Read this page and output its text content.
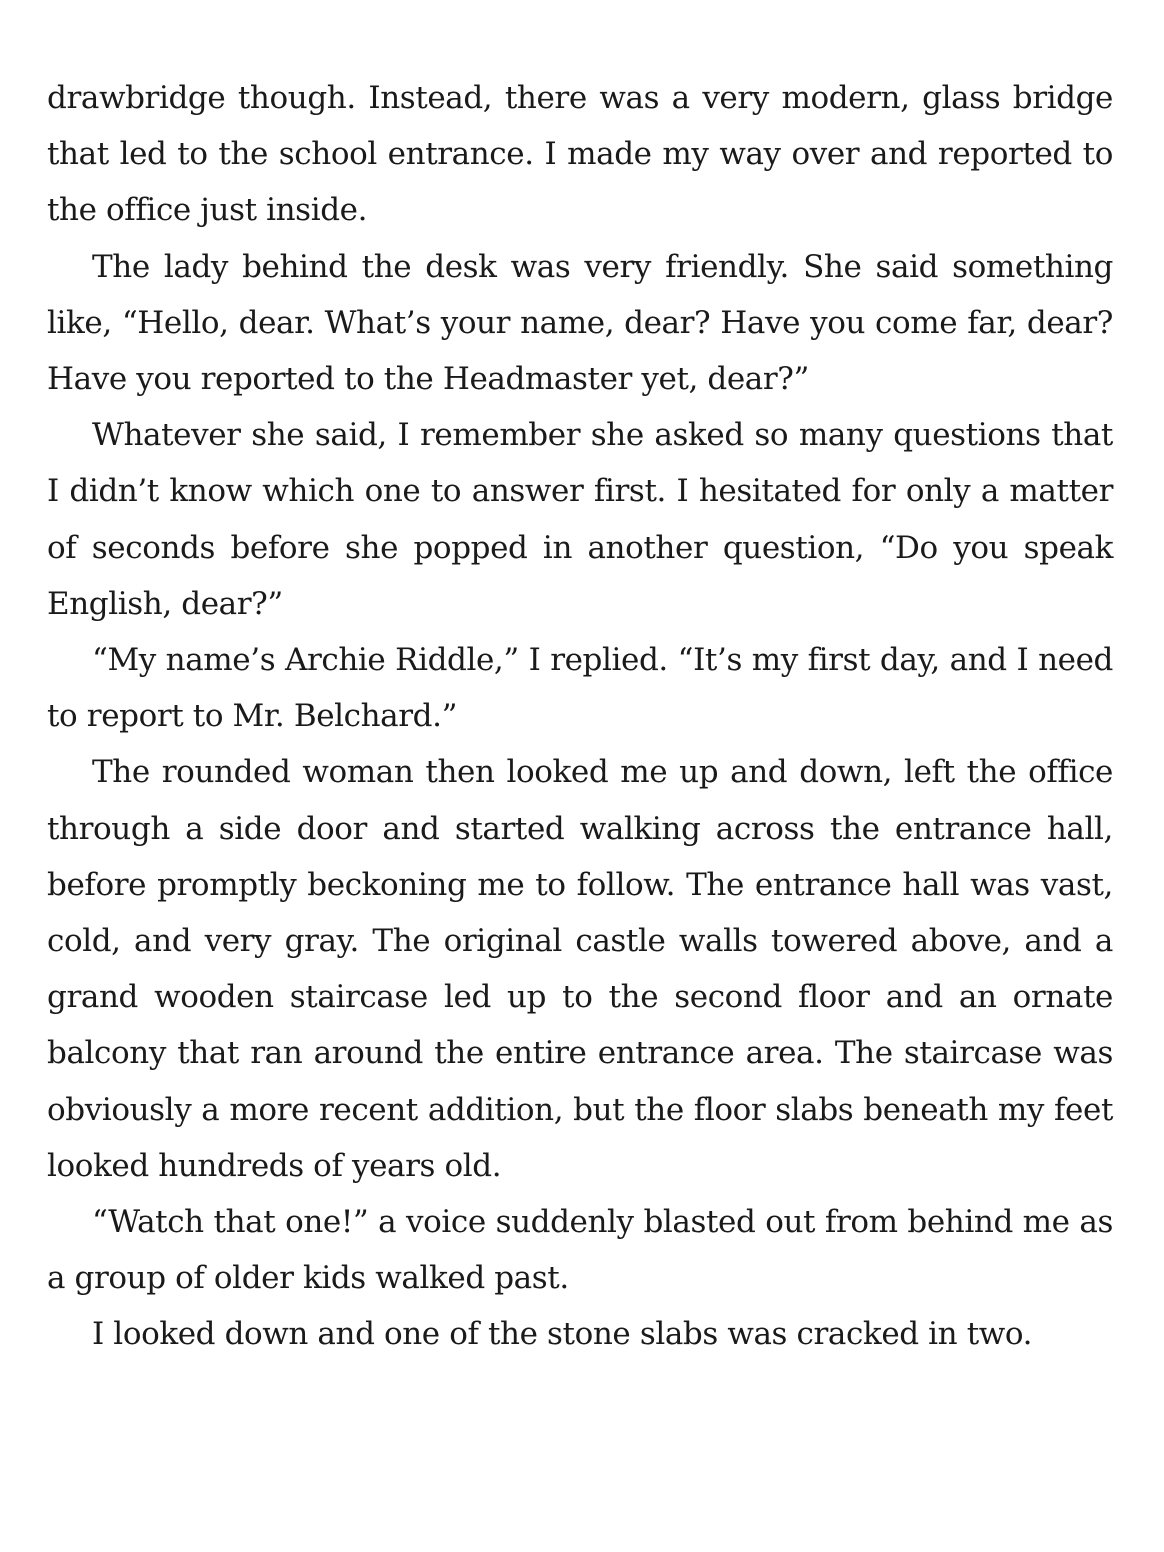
drawbridge though. Instead, there was a very modern, glass bridge that led to the school entrance. I made my way over and reported to the office just inside.

The lady behind the desk was very friendly. She said something like, “Hello, dear. What’s your name, dear? Have you come far, dear? Have you reported to the Headmaster yet, dear?”

Whatever she said, I remember she asked so many questions that I didn’t know which one to answer first. I hesitated for only a matter of seconds before she popped in another question, “Do you speak English, dear?”

“My name’s Archie Riddle,” I replied. “It’s my first day, and I need to report to Mr. Belchard.”

The rounded woman then looked me up and down, left the office through a side door and started walking across the entrance hall, before promptly beckoning me to follow. The entrance hall was vast, cold, and very gray. The original castle walls towered above, and a grand wooden staircase led up to the second floor and an ornate balcony that ran around the entire entrance area. The staircase was obviously a more recent addition, but the floor slabs beneath my feet looked hundreds of years old.

“Watch that one!” a voice suddenly blasted out from behind me as a group of older kids walked past.

I looked down and one of the stone slabs was cracked in two.
